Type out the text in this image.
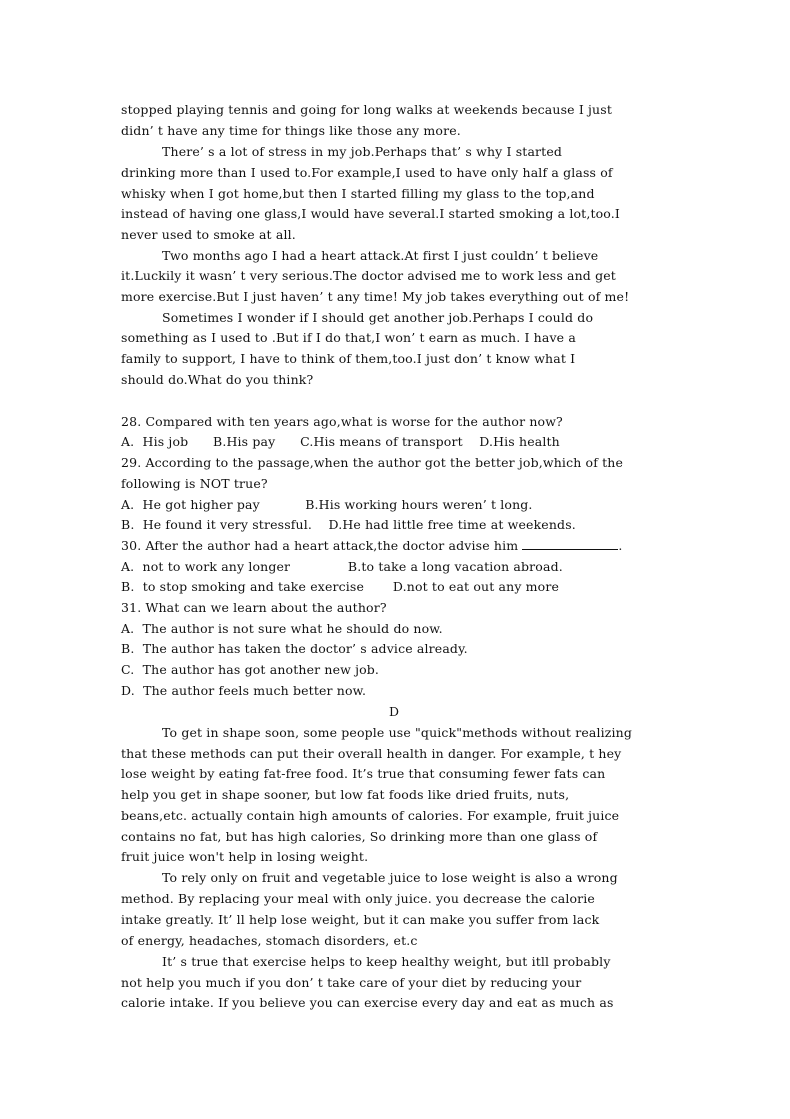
stopped playing tennis and going for long walks at weekends because I just
didn’ t have any time for things like those any more.
There’ s a lot of stress in my job.Perhaps that’ s why I started
drinking more than I used to.For example,I used to have only half a glass of
whisky when I got home,but then I started filling my glass to the top,and
instead of having one glass,I would have several.I started smoking a lot,too.I
never used to smoke at all.
Two months ago I had a heart attack.At first I just couldn’ t believe
it.Luckily it wasn’ t very serious.The doctor advised me to work less and get
more exercise.But I just haven’ t any time! My job takes everything out of me!
Sometimes I wonder if I should get another job.Perhaps I could do
something as I used to .But if I do that,I won’ t earn as much. I have a
family to support, I have to think of them,too.I just don’ t know what I
should do.What do you think?
28. Compared with ten years ago,what is worse for the author now?
A.  His job      B.His pay      C.His means of transport    D.His health
29. According to the passage,when the author got the better job,which of the
following is NOT true?
A.  He got higher pay           B.His working hours weren’ t long.
B.  He found it very stressful.    D.He had little free time at weekends.
30. After the author had a heart attack,the doctor advise him	.
A.  not to work any longer              B.to take a long vacation abroad.
B.  to stop smoking and take exercise       D.not to eat out any more
31. What can we learn about the author?
A.  The author is not sure what he should do now.
B.  The author has taken the doctor’ s advice already.
C.  The author has got another new job.
D.  The author feels much better now.
D
To get in shape soon, some people use "quick"methods without realizing
that these methods can put their overall health in danger. For example, t hey
lose weight by eating fat-free food. It’s true that consuming fewer fats can
help you get in shape sooner, but low fat foods like dried fruits, nuts,
beans,etc. actually contain high amounts of calories. For example, fruit juice
contains no fat, but has high calories, So drinking more than one glass of
fruit juice won't help in losing weight.
To rely only on fruit and vegetable juice to lose weight is also a wrong
method. By replacing your meal with only juice. you decrease the calorie
intake greatly. It’ ll help lose weight, but it can make you suffer from lack
of energy, headaches, stomach disorders, et.c
It’ s true that exercise helps to keep healthy weight, but itll probably
not help you much if you don’ t take care of your diet by reducing your
calorie intake. If you believe you can exercise every day and eat as much as
